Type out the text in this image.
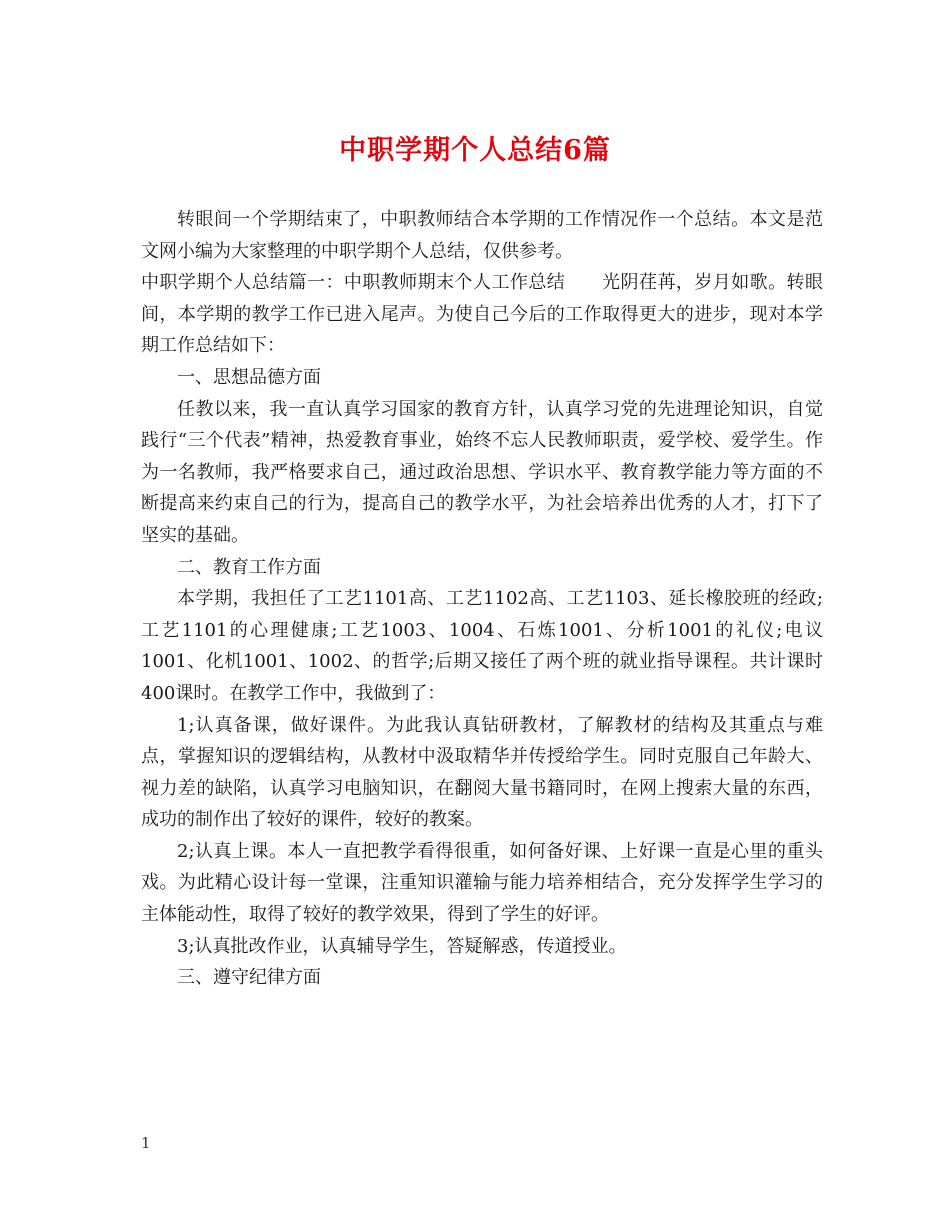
中职学期个人总结6篇

转眼间一个学期结束了，中职教师结合本学期的工作情况作一个总结。本文是范文网小编为大家整理的中职学期个人总结，仅供参考。

中职学期个人总结篇一：中职教师期末个人工作总结　　光阴荏苒，岁月如歌。转眼间，本学期的教学工作已进入尾声。为使自己今后的工作取得更大的进步，现对本学期工作总结如下：

一、思想品德方面

任教以来，我一直认真学习国家的教育方针，认真学习党的先进理论知识，自觉践行“三个代表”精神，热爱教育事业，始终不忘人民教师职责，爱学校、爱学生。作为一名教师，我严格要求自己，通过政治思想、学识水平、教育教学能力等方面的不断提高来约束自己的行为，提高自己的教学水平，为社会培养出优秀的人才，打下了坚实的基础。

二、教育工作方面

本学期，我担任了工艺1101高、工艺1102高、工艺1103、延长橡胶班的经政;工艺1101的心理健康;工艺1003、1004、石炼1001、分析1001的礼仪;电议1001、化机1001、1002、的哲学;后期又接任了两个班的就业指导课程。共计课时400课时。在教学工作中，我做到了：

1;认真备课，做好课件。为此我认真钻研教材，了解教材的结构及其重点与难点，掌握知识的逻辑结构，从教材中汲取精华并传授给学生。同时克服自己年龄大、视力差的缺陷，认真学习电脑知识，在翻阅大量书籍同时，在网上搜索大量的东西，成功的制作出了较好的课件，较好的教案。

2;认真上课。本人一直把教学看得很重，如何备好课、上好课一直是心里的重头戏。为此精心设计每一堂课，注重知识灌输与能力培养相结合，充分发挥学生学习的主体能动性，取得了较好的教学效果，得到了学生的好评。

3;认真批改作业，认真辅导学生，答疑解惑，传道授业。

三、遵守纪律方面

1
